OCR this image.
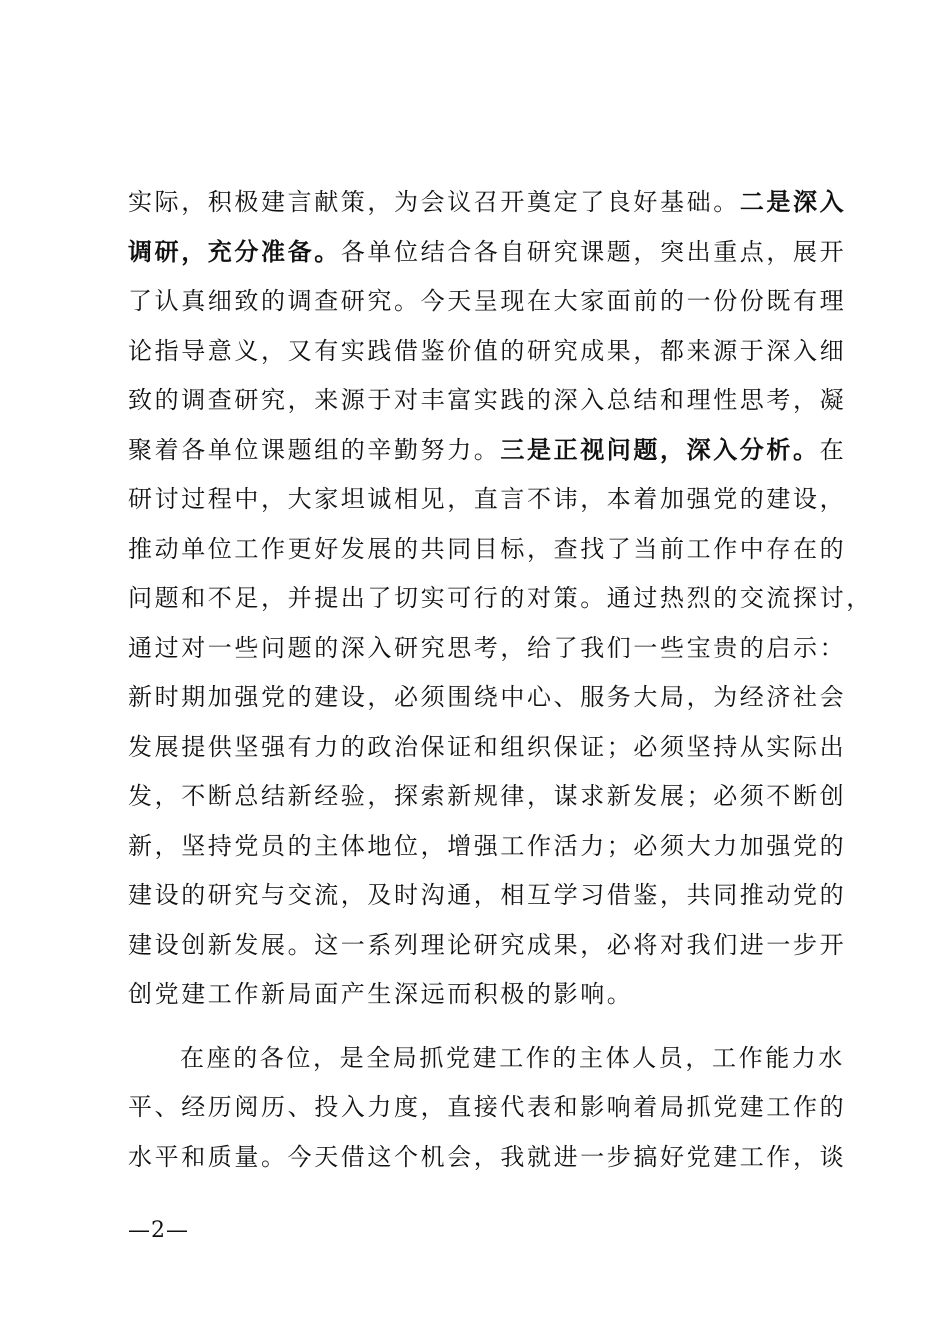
实际，积极建言献策，为会议召开奠定了良好基础。二是深入
调研，充分准备。各单位结合各自研究课题，突出重点，展开
了认真细致的调查研究。今天呈现在大家面前的一份份既有理
论指导意义，又有实践借鉴价值的研究成果，都来源于深入细
致的调查研究，来源于对丰富实践的深入总结和理性思考，凝
聚着各单位课题组的辛勤努力。三是正视问题，深入分析。在
研讨过程中，大家坦诚相见，直言不讳，本着加强党的建设，
推动单位工作更好发展的共同目标，查找了当前工作中存在的
问题和不足，并提出了切实可行的对策。通过热烈的交流探讨，
通过对一些问题的深入研究思考，给了我们一些宝贵的启示：
新时期加强党的建设，必须围绕中心、服务大局，为经济社会
发展提供坚强有力的政治保证和组织保证；必须坚持从实际出
发，不断总结新经验，探索新规律，谋求新发展；必须不断创
新，坚持党员的主体地位，增强工作活力；必须大力加强党的
建设的研究与交流，及时沟通，相互学习借鉴，共同推动党的
建设创新发展。这一系列理论研究成果，必将对我们进一步开
创党建工作新局面产生深远而积极的影响。
在座的各位，是全局抓党建工作的主体人员，工作能力水
平、经历阅历、投入力度，直接代表和影响着局抓党建工作的
水平和质量。今天借这个机会，我就进一步搞好党建工作，谈
—2—
